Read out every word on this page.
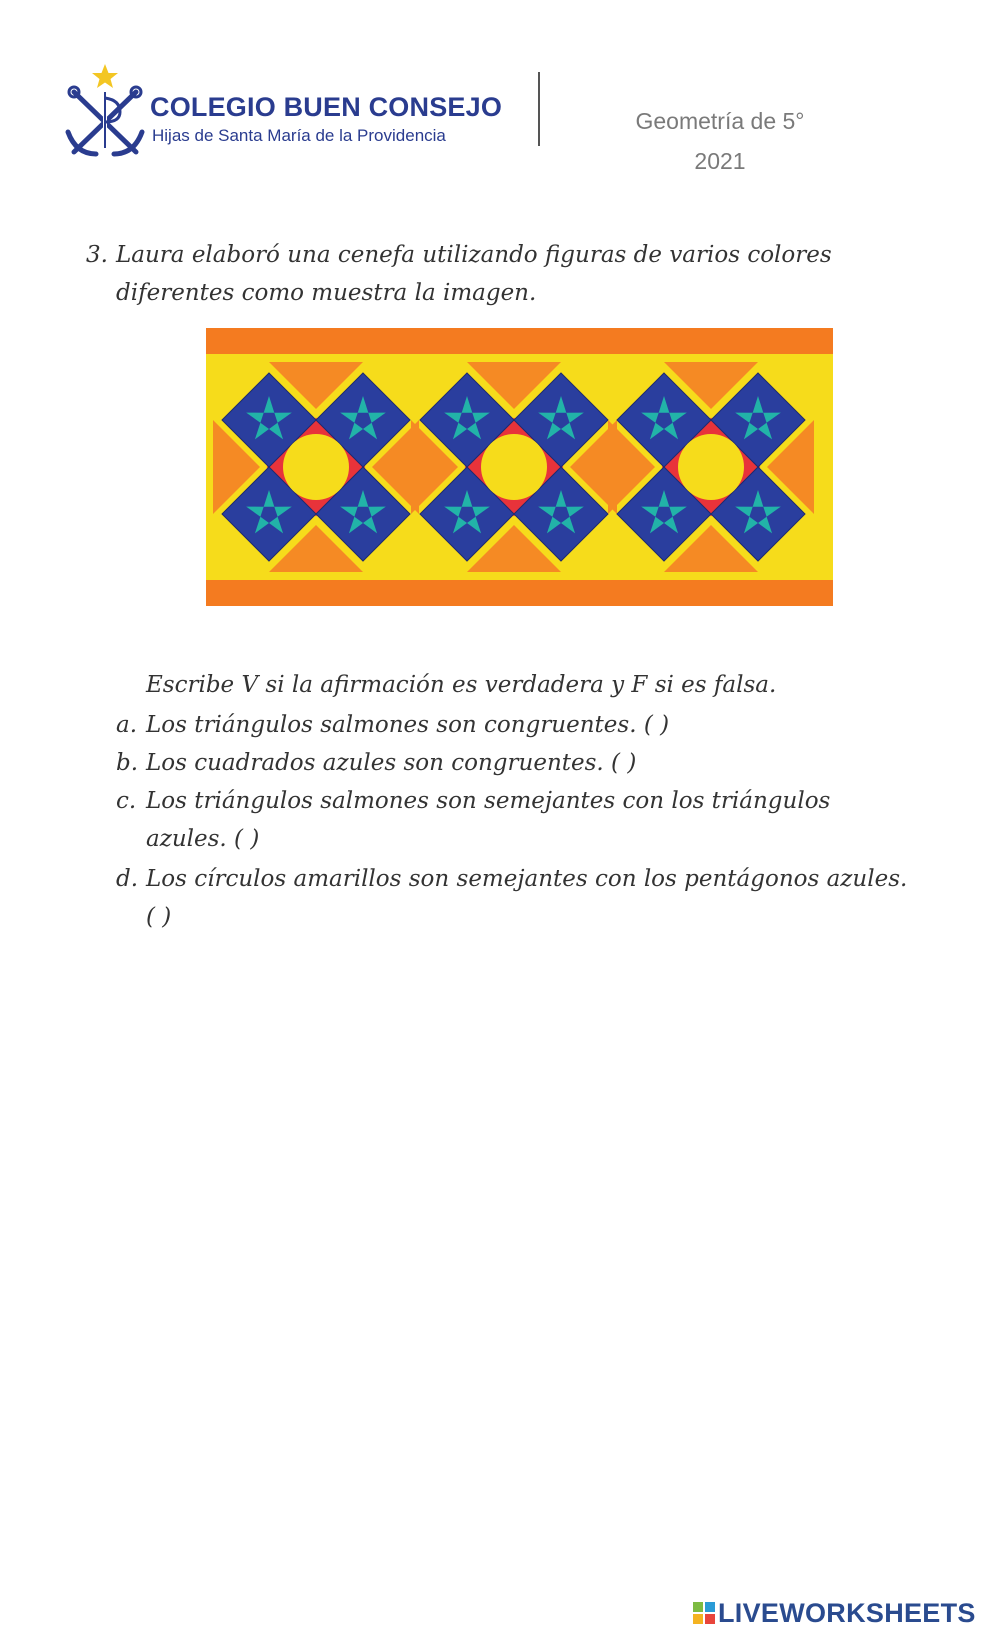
COLEGIO BUEN CONSEJO
Hijas de Santa María de la Providencia
Geometría de 5°
2021
3. Laura elaboró una cenefa utilizando figuras de varios colores
diferentes como muestra la imagen.
Escribe V si la afirmación es verdadera y F si es falsa.
a. Los triángulos salmones son congruentes. ( )
b. Los cuadrados azules son congruentes. ( )
c. Los triángulos salmones son semejantes con los triángulos
azules. ( )
d. Los círculos amarillos son semejantes con los pentágonos azules.
( )
LIVEWORKSHEETS
